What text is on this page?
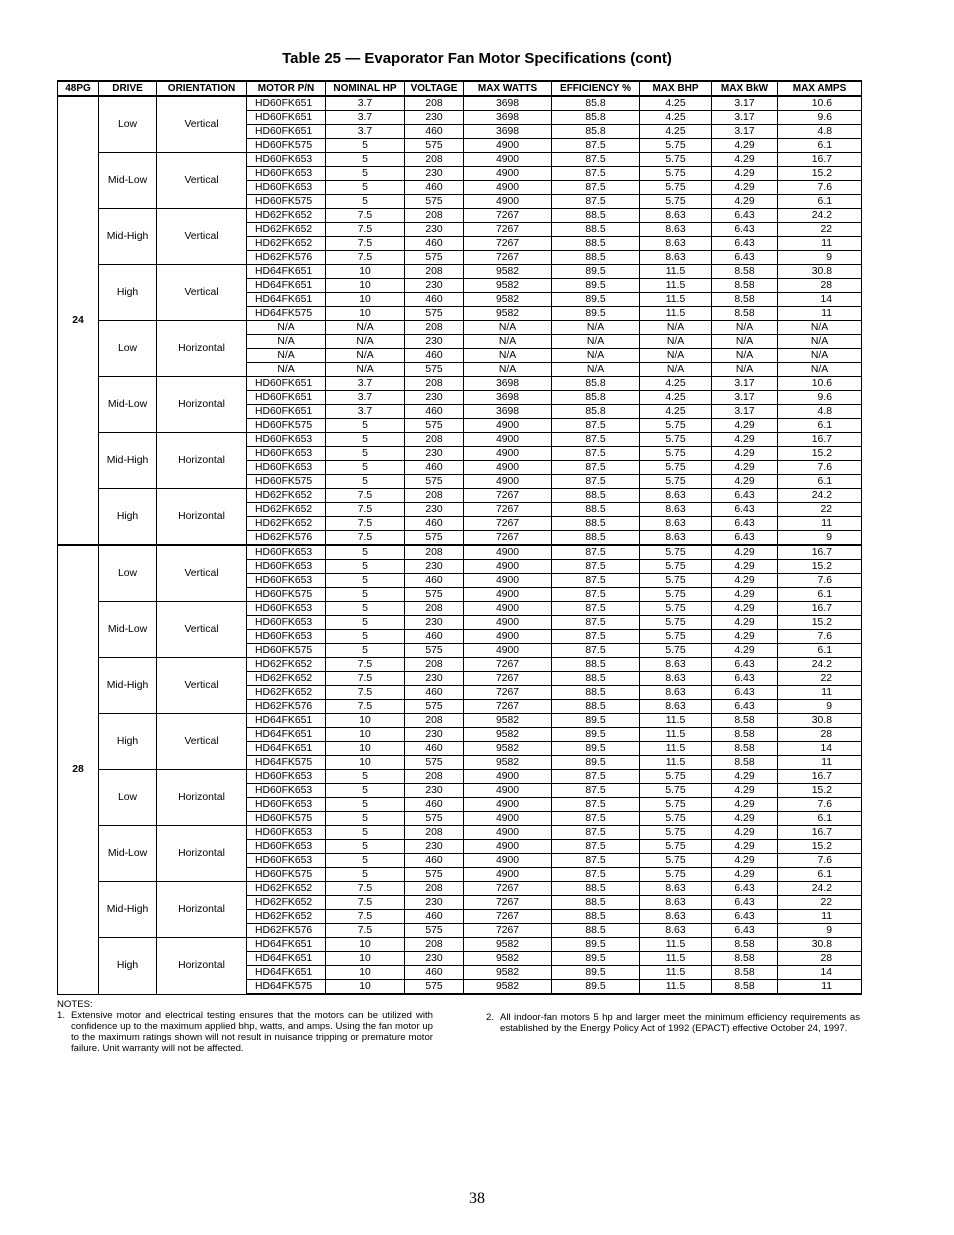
Table 25 — Evaporator Fan Motor Specifications (cont)
48PG	DRIVE	ORIENTATION	MOTOR P/N	NOMINAL HP	VOLTAGE	MAX WATTS	EFFICIENCY %	MAX BHP	MAX BkW	MAX AMPS
24	Low	Vertical	HD60FK651	3.7	208	3698	85.8	4.25	3.17	10.6
			HD60FK651	3.7	230	3698	85.8	4.25	3.17	9.6
			HD60FK651	3.7	460	3698	85.8	4.25	3.17	4.8
			HD60FK575	5	575	4900	87.5	5.75	4.29	6.1
	Mid-Low	Vertical	HD60FK653	5	208	4900	87.5	5.75	4.29	16.7
			HD60FK653	5	230	4900	87.5	5.75	4.29	15.2
			HD60FK653	5	460	4900	87.5	5.75	4.29	7.6
			HD60FK575	5	575	4900	87.5	5.75	4.29	6.1
	Mid-High	Vertical	HD62FK652	7.5	208	7267	88.5	8.63	6.43	24.2
			HD62FK652	7.5	230	7267	88.5	8.63	6.43	22
			HD62FK652	7.5	460	7267	88.5	8.63	6.43	11
			HD62FK576	7.5	575	7267	88.5	8.63	6.43	9
	High	Vertical	HD64FK651	10	208	9582	89.5	11.5	8.58	30.8
			HD64FK651	10	230	9582	89.5	11.5	8.58	28
			HD64FK651	10	460	9582	89.5	11.5	8.58	14
			HD64FK575	10	575	9582	89.5	11.5	8.58	11
	Low	Horizontal	N/A	N/A	208	N/A	N/A	N/A	N/A	N/A
			N/A	N/A	230	N/A	N/A	N/A	N/A	N/A
			N/A	N/A	460	N/A	N/A	N/A	N/A	N/A
			N/A	N/A	575	N/A	N/A	N/A	N/A	N/A
	Mid-Low	Horizontal	HD60FK651	3.7	208	3698	85.8	4.25	3.17	10.6
			HD60FK651	3.7	230	3698	85.8	4.25	3.17	9.6
			HD60FK651	3.7	460	3698	85.8	4.25	3.17	4.8
			HD60FK575	5	575	4900	87.5	5.75	4.29	6.1
	Mid-High	Horizontal	HD60FK653	5	208	4900	87.5	5.75	4.29	16.7
			HD60FK653	5	230	4900	87.5	5.75	4.29	15.2
			HD60FK653	5	460	4900	87.5	5.75	4.29	7.6
			HD60FK575	5	575	4900	87.5	5.75	4.29	6.1
	High	Horizontal	HD62FK652	7.5	208	7267	88.5	8.63	6.43	24.2
			HD62FK652	7.5	230	7267	88.5	8.63	6.43	22
			HD62FK652	7.5	460	7267	88.5	8.63	6.43	11
			HD62FK576	7.5	575	7267	88.5	8.63	6.43	9
28	Low	Vertical	HD60FK653	5	208	4900	87.5	5.75	4.29	16.7
			HD60FK653	5	230	4900	87.5	5.75	4.29	15.2
			HD60FK653	5	460	4900	87.5	5.75	4.29	7.6
			HD60FK575	5	575	4900	87.5	5.75	4.29	6.1
	Mid-Low	Vertical	HD60FK653	5	208	4900	87.5	5.75	4.29	16.7
			HD60FK653	5	230	4900	87.5	5.75	4.29	15.2
			HD60FK653	5	460	4900	87.5	5.75	4.29	7.6
			HD60FK575	5	575	4900	87.5	5.75	4.29	6.1
	Mid-High	Vertical	HD62FK652	7.5	208	7267	88.5	8.63	6.43	24.2
			HD62FK652	7.5	230	7267	88.5	8.63	6.43	22
			HD62FK652	7.5	460	7267	88.5	8.63	6.43	11
			HD62FK576	7.5	575	7267	88.5	8.63	6.43	9
	High	Vertical	HD64FK651	10	208	9582	89.5	11.5	8.58	30.8
			HD64FK651	10	230	9582	89.5	11.5	8.58	28
			HD64FK651	10	460	9582	89.5	11.5	8.58	14
			HD64FK575	10	575	9582	89.5	11.5	8.58	11
	Low	Horizontal	HD60FK653	5	208	4900	87.5	5.75	4.29	16.7
			HD60FK653	5	230	4900	87.5	5.75	4.29	15.2
			HD60FK653	5	460	4900	87.5	5.75	4.29	7.6
			HD60FK575	5	575	4900	87.5	5.75	4.29	6.1
	Mid-Low	Horizontal	HD60FK653	5	208	4900	87.5	5.75	4.29	16.7
			HD60FK653	5	230	4900	87.5	5.75	4.29	15.2
			HD60FK653	5	460	4900	87.5	5.75	4.29	7.6
			HD60FK575	5	575	4900	87.5	5.75	4.29	6.1
	Mid-High	Horizontal	HD62FK652	7.5	208	7267	88.5	8.63	6.43	24.2
			HD62FK652	7.5	230	7267	88.5	8.63	6.43	22
			HD62FK652	7.5	460	7267	88.5	8.63	6.43	11
			HD62FK576	7.5	575	7267	88.5	8.63	6.43	9
	High	Horizontal	HD64FK651	10	208	9582	89.5	11.5	8.58	30.8
			HD64FK651	10	230	9582	89.5	11.5	8.58	28
			HD64FK651	10	460	9582	89.5	11.5	8.58	14
			HD64FK575	10	575	9582	89.5	11.5	8.58	11
NOTES:
1. Extensive motor and electrical testing ensures that the motors can be utilized with confidence up to the maximum applied bhp, watts, and amps. Using the fan motor up to the maximum ratings shown will not result in nuisance tripping or premature motor failure. Unit warranty will not be affected.
2. All indoor-fan motors 5 hp and larger meet the minimum efficiency requirements as established by the Energy Policy Act of 1992 (EPACT) effective October 24, 1997.
38
